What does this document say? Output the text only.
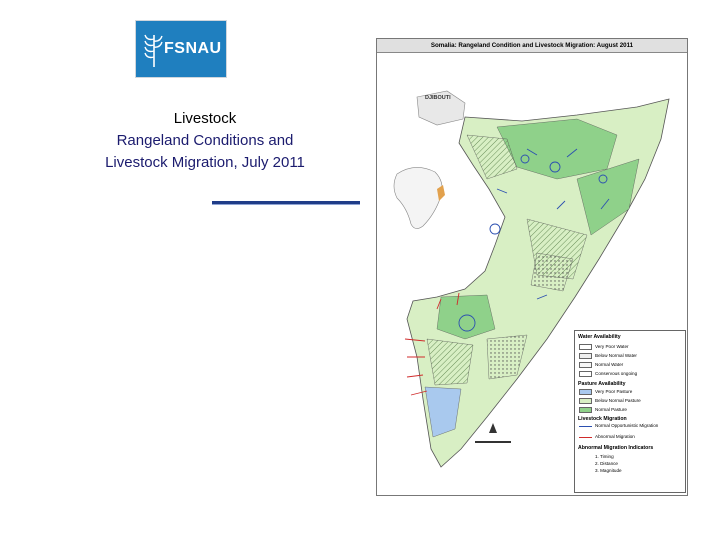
FSNAU
Livestock
Rangeland Conditions and
Livestock Migration, July 2011
Somalia: Rangeland Condition and Livestock Migration: August 2011
DJIBOUTI
Water Availability
Very Poor Water
Below Normal Water
Normal Water
Conservous ongoing
Pasture Availability
Very Poor Pasture
Below Normal Pasture
Normal Pasture
Livestock Migration
Normal Opportunistic Migration
Abnormal Migration
Abnormal Migration Indicators
1. Timing
2. Distance
3. Magnitude
